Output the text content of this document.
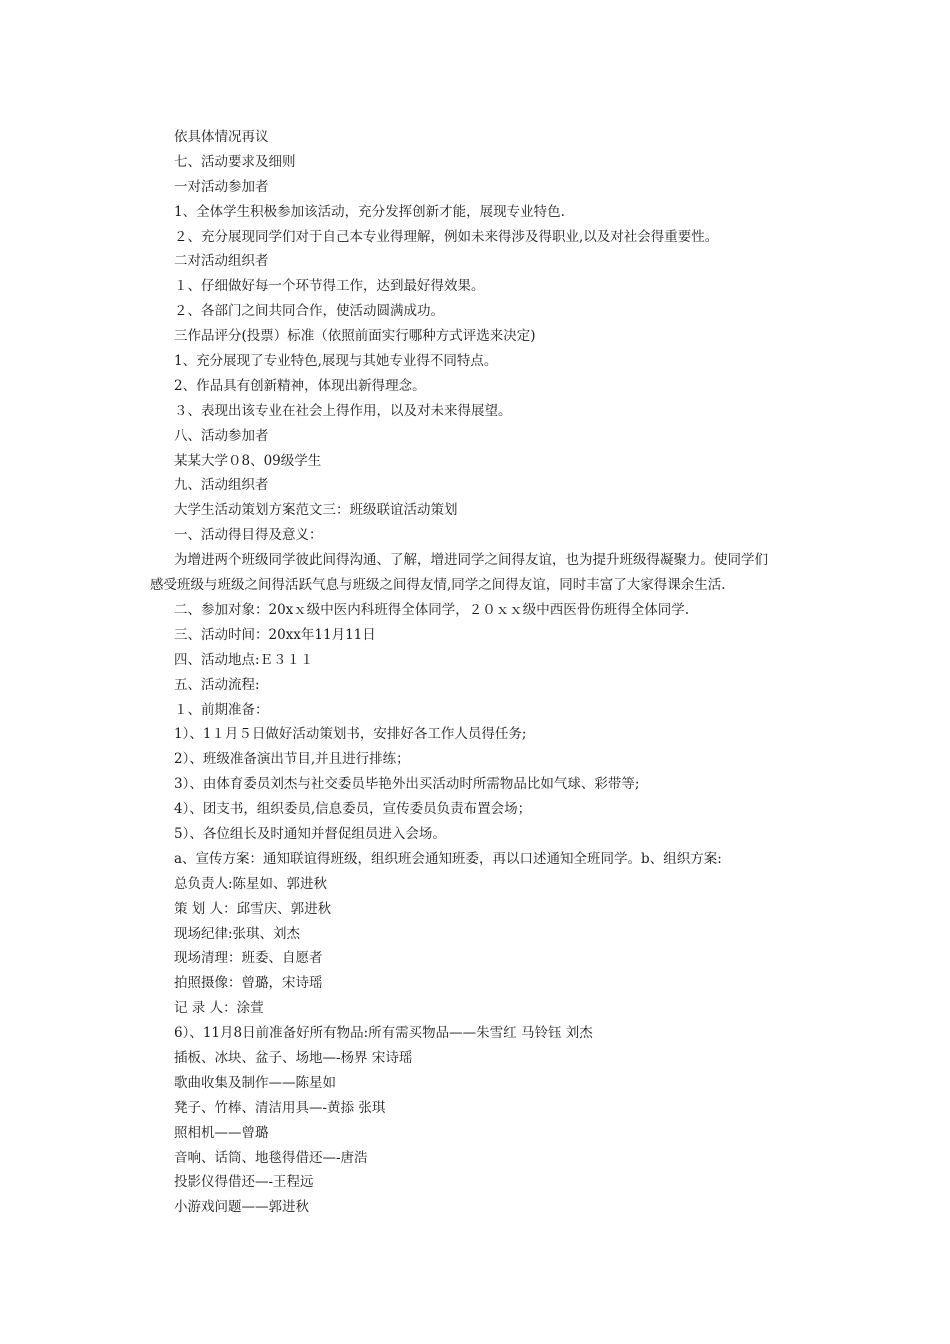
依具体情况再议
七、活动要求及细则
一对活动参加者
1、全体学生积极参加该活动，充分发挥创新才能，展现专业特色.
２、充分展现同学们对于自己本专业得理解，例如未来得涉及得职业,以及对社会得重要性。
二对活动组织者
１、仔细做好每一个环节得工作，达到最好得效果。
２、各部门之间共同合作，使活动圆满成功。
三作品评分(投票）标准（依照前面实行哪种方式评选来决定)
1、充分展现了专业特色,展现与其她专业得不同特点。
2、作品具有创新精神，体现出新得理念。
３、表现出该专业在社会上得作用，以及对未来得展望。
八、活动参加者
某某大学０8、09级学生
九、活动组织者
大学生活动策划方案范文三：班级联谊活动策划
一、活动得目得及意义：
为增进两个班级同学彼此间得沟通、了解，增进同学之间得友谊，也为提升班级得凝聚力。使同学们
感受班级与班级之间得活跃气息与班级之间得友情,同学之间得友谊，同时丰富了大家得课余生活.
二、参加对象：20xｘ级中医内科班得全体同学，２０ｘｘ级中西医骨伤班得全体同学.
三、活动时间：20xx年11月11日
四、活动地点:Ｅ３１１
五、活动流程:
１、前期准备：
1）、1１月５日做好活动策划书，安排好各工作人员得任务;
2）、班级准备演出节目,并且进行排练；
3）、由体育委员刘杰与社交委员毕艳外出买活动时所需物品比如气球、彩带等;
4）、团支书，组织委员,信息委员，宣传委员负责布置会场；
5）、各位组长及时通知并督促组员进入会场。
a、宣传方案：通知联谊得班级，组织班会通知班委，再以口述通知全班同学。b、组织方案:
总负责人:陈星如、郭进秋
策 划 人：邱雪庆、郭进秋
现场纪律:张琪、刘杰
现场清理：班委、自愿者
拍照摄像：曾璐，宋诗瑶
记 录 人：涂萱
6）、11月8日前准备好所有物品:所有需买物品——朱雪红 马铃钰 刘杰
插板、冰块、盆子、场地—-杨界 宋诗瑶
歌曲收集及制作——陈星如
凳子、竹棒、清洁用具—-黄掭 张琪
照相机——曾璐
音响、话筒、地毯得借还—-唐浩
投影仪得借还—-王程远
小游戏问题——郭进秋
